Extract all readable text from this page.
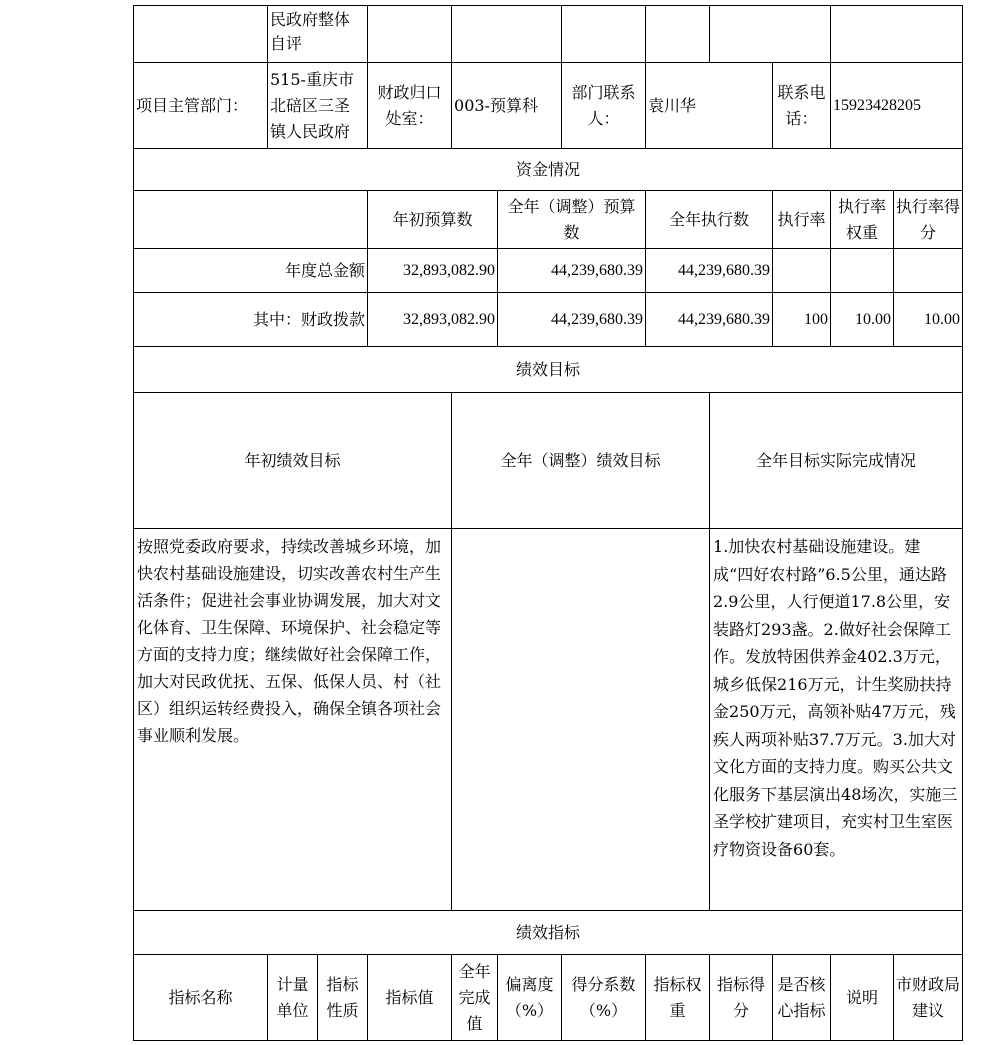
	民政府整体自评										
项目主管部门：	515-重庆市北碚区三圣镇人民政府		财政归口处室：	003-预算科		部门联系人：	袁川华		联系电话：	15923428205	
资金情况											
			年初预算数		全年（调整）预算数		全年执行数		执行率	执行率权重	执行率得分
年度总金额			32,893,082.90		44,239,680.39		44,239,680.39				
其中：财政拨款			32,893,082.90		44,239,680.39		44,239,680.39		100	10.00	10.00
绩效目标											
年初绩效目标				全年（调整）绩效目标				全年目标实际完成情况			
按照党委政府要求，持续改善城乡环境，加快农村基础设施建设，切实改善农村生产生活条件；促进社会事业协调发展，加大对文化体育、卫生保障、环境保护、社会稳定等方面的支持力度；继续做好社会保障工作，加大对民政优抚、五保、低保人员、村（社区）组织运转经费投入，确保全镇各项社会事业顺利发展。								1.加快农村基础设施建设。建成“四好农村路”6.5公里，通达路2.9公里，人行便道17.8公里，安装路灯293盏。2.做好社会保障工作。发放特困供养金402.3万元，城乡低保216万元，计生奖励扶持金250万元，高领补贴47万元，残疾人两项补贴37.7万元。3.加大对文化方面的支持力度。购买公共文化服务下基层演出48场次，实施三圣学校扩建项目，充实村卫生室医疗物资设备60套。			
绩效指标											
指标名称	计量单位	指标性质	指标值	全年完成值	偏离度（%）	得分系数（%）	指标权重	指标得分	是否核心指标	说明	市财政局建议
